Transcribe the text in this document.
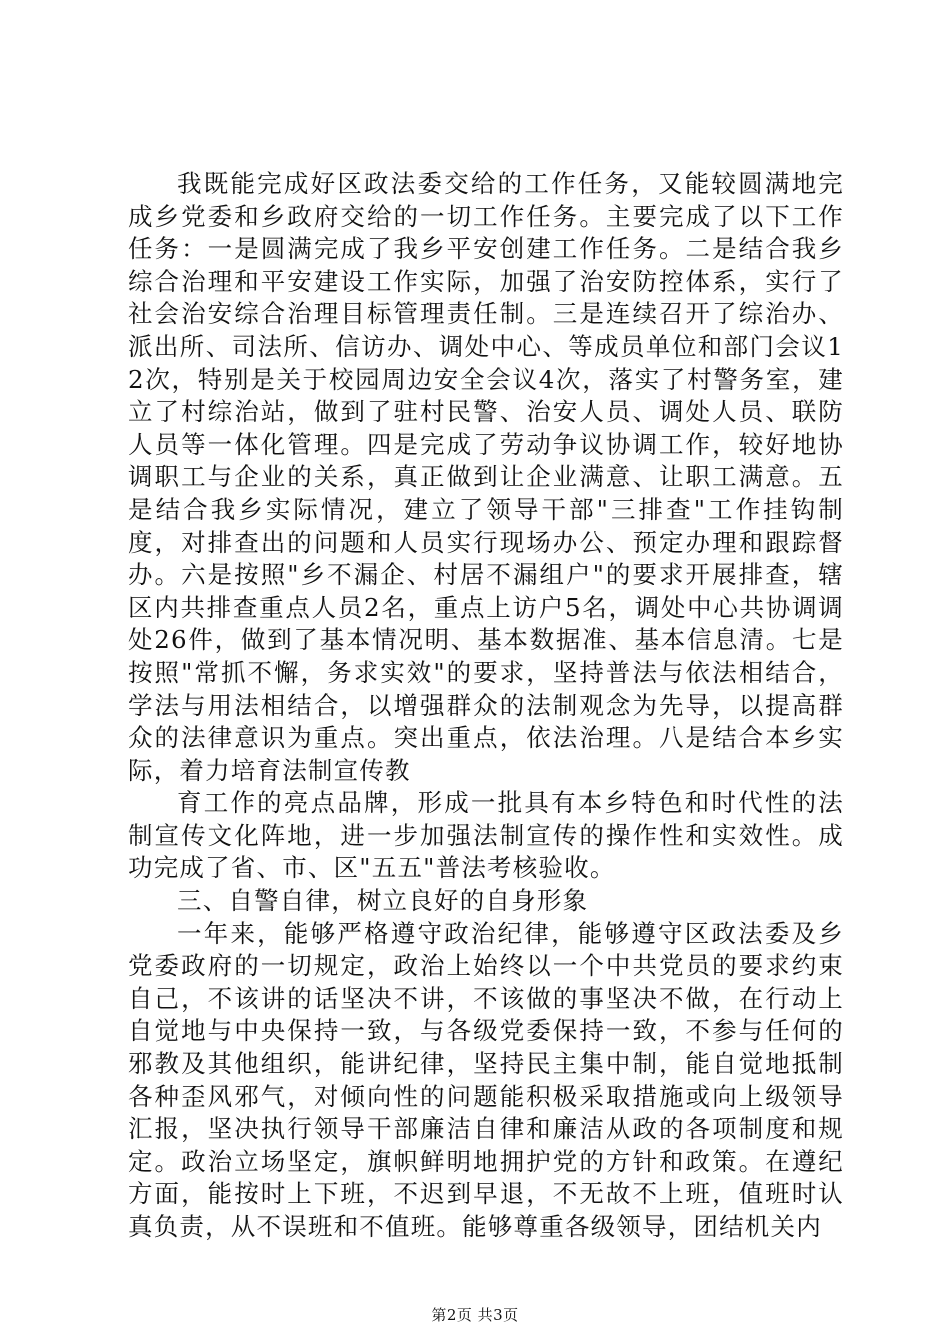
我既能完成好区政法委交给的工作任务，又能较圆满地完成乡党委和乡政府交给的一切工作任务。主要完成了以下工作任务：一是圆满完成了我乡平安创建工作任务。二是结合我乡综合治理和平安建设工作实际，加强了治安防控体系，实行了社会治安综合治理目标管理责任制。三是连续召开了综治办、派出所、司法所、信访办、调处中心、等成员单位和部门会议12次，特别是关于校园周边安全会议4次，落实了村警务室，建立了村综治站，做到了驻村民警、治安人员、调处人员、联防人员等一体化管理。四是完成了劳动争议协调工作，较好地协调职工与企业的关系，真正做到让企业满意、让职工满意。五是结合我乡实际情况，建立了领导干部"三排查"工作挂钩制度，对排查出的问题和人员实行现场办公、预定办理和跟踪督办。六是按照"乡不漏企、村居不漏组户"的要求开展排查，辖区内共排查重点人员2名，重点上访户5名，调处中心共协调调处26件，做到了基本情况明、基本数据准、基本信息清。七是按照"常抓不懈，务求实效"的要求，坚持普法与依法相结合，学法与用法相结合，以增强群众的法制观念为先导，以提高群众的法律意识为重点。突出重点，依法治理。八是结合本乡实际，着力培育法制宣传教

育工作的亮点品牌，形成一批具有本乡特色和时代性的法制宣传文化阵地，进一步加强法制宣传的操作性和实效性。成功完成了省、市、区"五五"普法考核验收。

三、自警自律，树立良好的自身形象

一年来，能够严格遵守政治纪律，能够遵守区政法委及乡党委政府的一切规定，政治上始终以一个中共党员的要求约束自己，不该讲的话坚决不讲，不该做的事坚决不做，在行动上自觉地与中央保持一致，与各级党委保持一致，不参与任何的邪教及其他组织，能讲纪律，坚持民主集中制，能自觉地抵制各种歪风邪气，对倾向性的问题能积极采取措施或向上级领导汇报，坚决执行领导干部廉洁自律和廉洁从政的各项制度和规定。政治立场坚定，旗帜鲜明地拥护党的方针和政策。在遵纪方面，能按时上下班，不迟到早退，不无故不上班，值班时认真负责，从不误班和不值班。能够尊重各级领导，团结机关内

第2页 共3页
